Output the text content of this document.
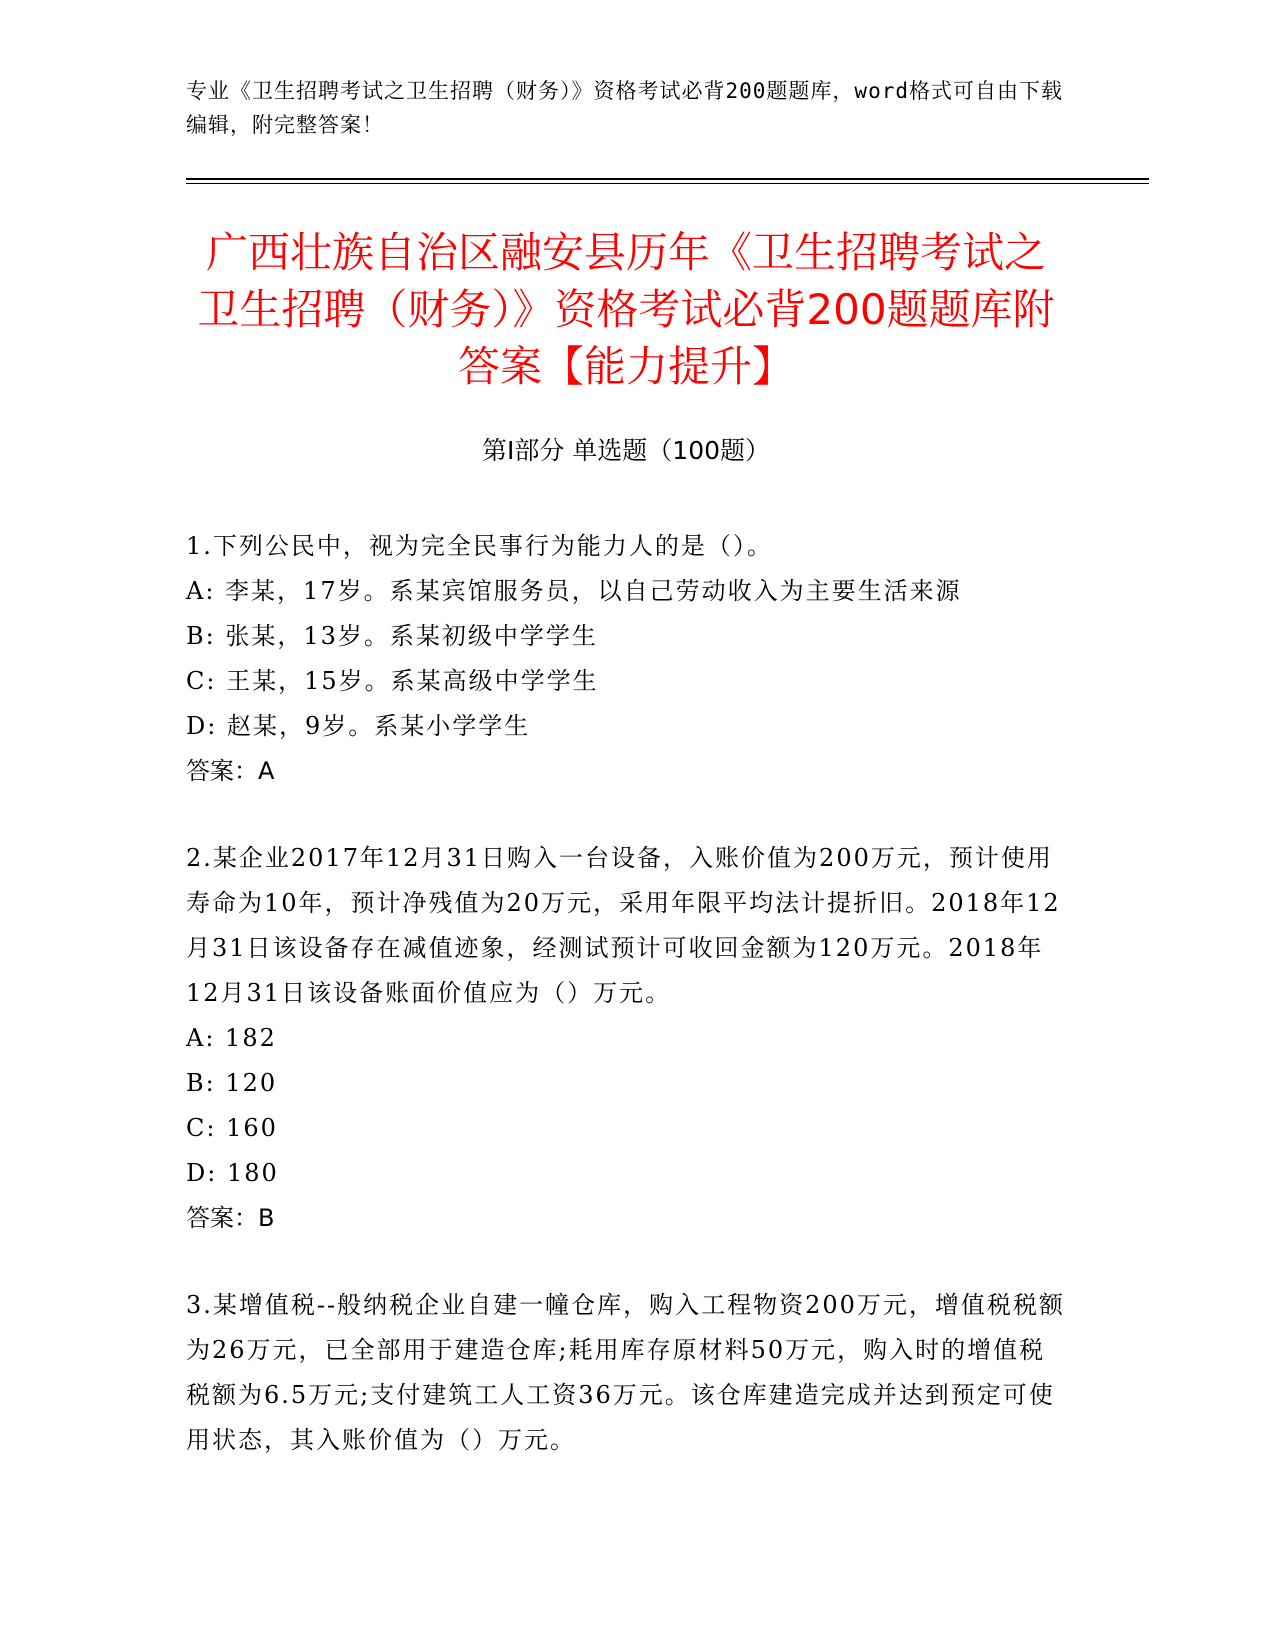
专业《卫生招聘考试之卫生招聘（财务）》资格考试必背200题题库，word格式可自由下载编辑，附完整答案！
广西壮族自治区融安县历年《卫生招聘考试之卫生招聘（财务）》资格考试必背200题题库附答案【能力提升】
第I部分 单选题（100题）
1.下列公民中，视为完全民事行为能力人的是（）。
A: 李某，17岁。系某宾馆服务员，以自己劳动收入为主要生活来源
B: 张某，13岁。系某初级中学学生
C: 王某，15岁。系某高级中学学生
D: 赵某，9岁。系某小学学生
答案：A
2.某企业2017年12月31日购入一台设备，入账价值为200万元，预计使用寿命为10年，预计净残值为20万元，采用年限平均法计提折旧。2018年12月31日该设备存在减值迹象，经测试预计可收回金额为120万元。2018年12月31日该设备账面价值应为（）万元。
A: 182
B: 120
C: 160
D: 180
答案：B
3.某增值税--般纳税企业自建一幢仓库，购入工程物资200万元，增值税税额为26万元，已全部用于建造仓库;耗用库存原材料50万元，购入时的增值税税额为6.5万元;支付建筑工人工资36万元。该仓库建造完成并达到预定可使用状态，其入账价值为（）万元。
